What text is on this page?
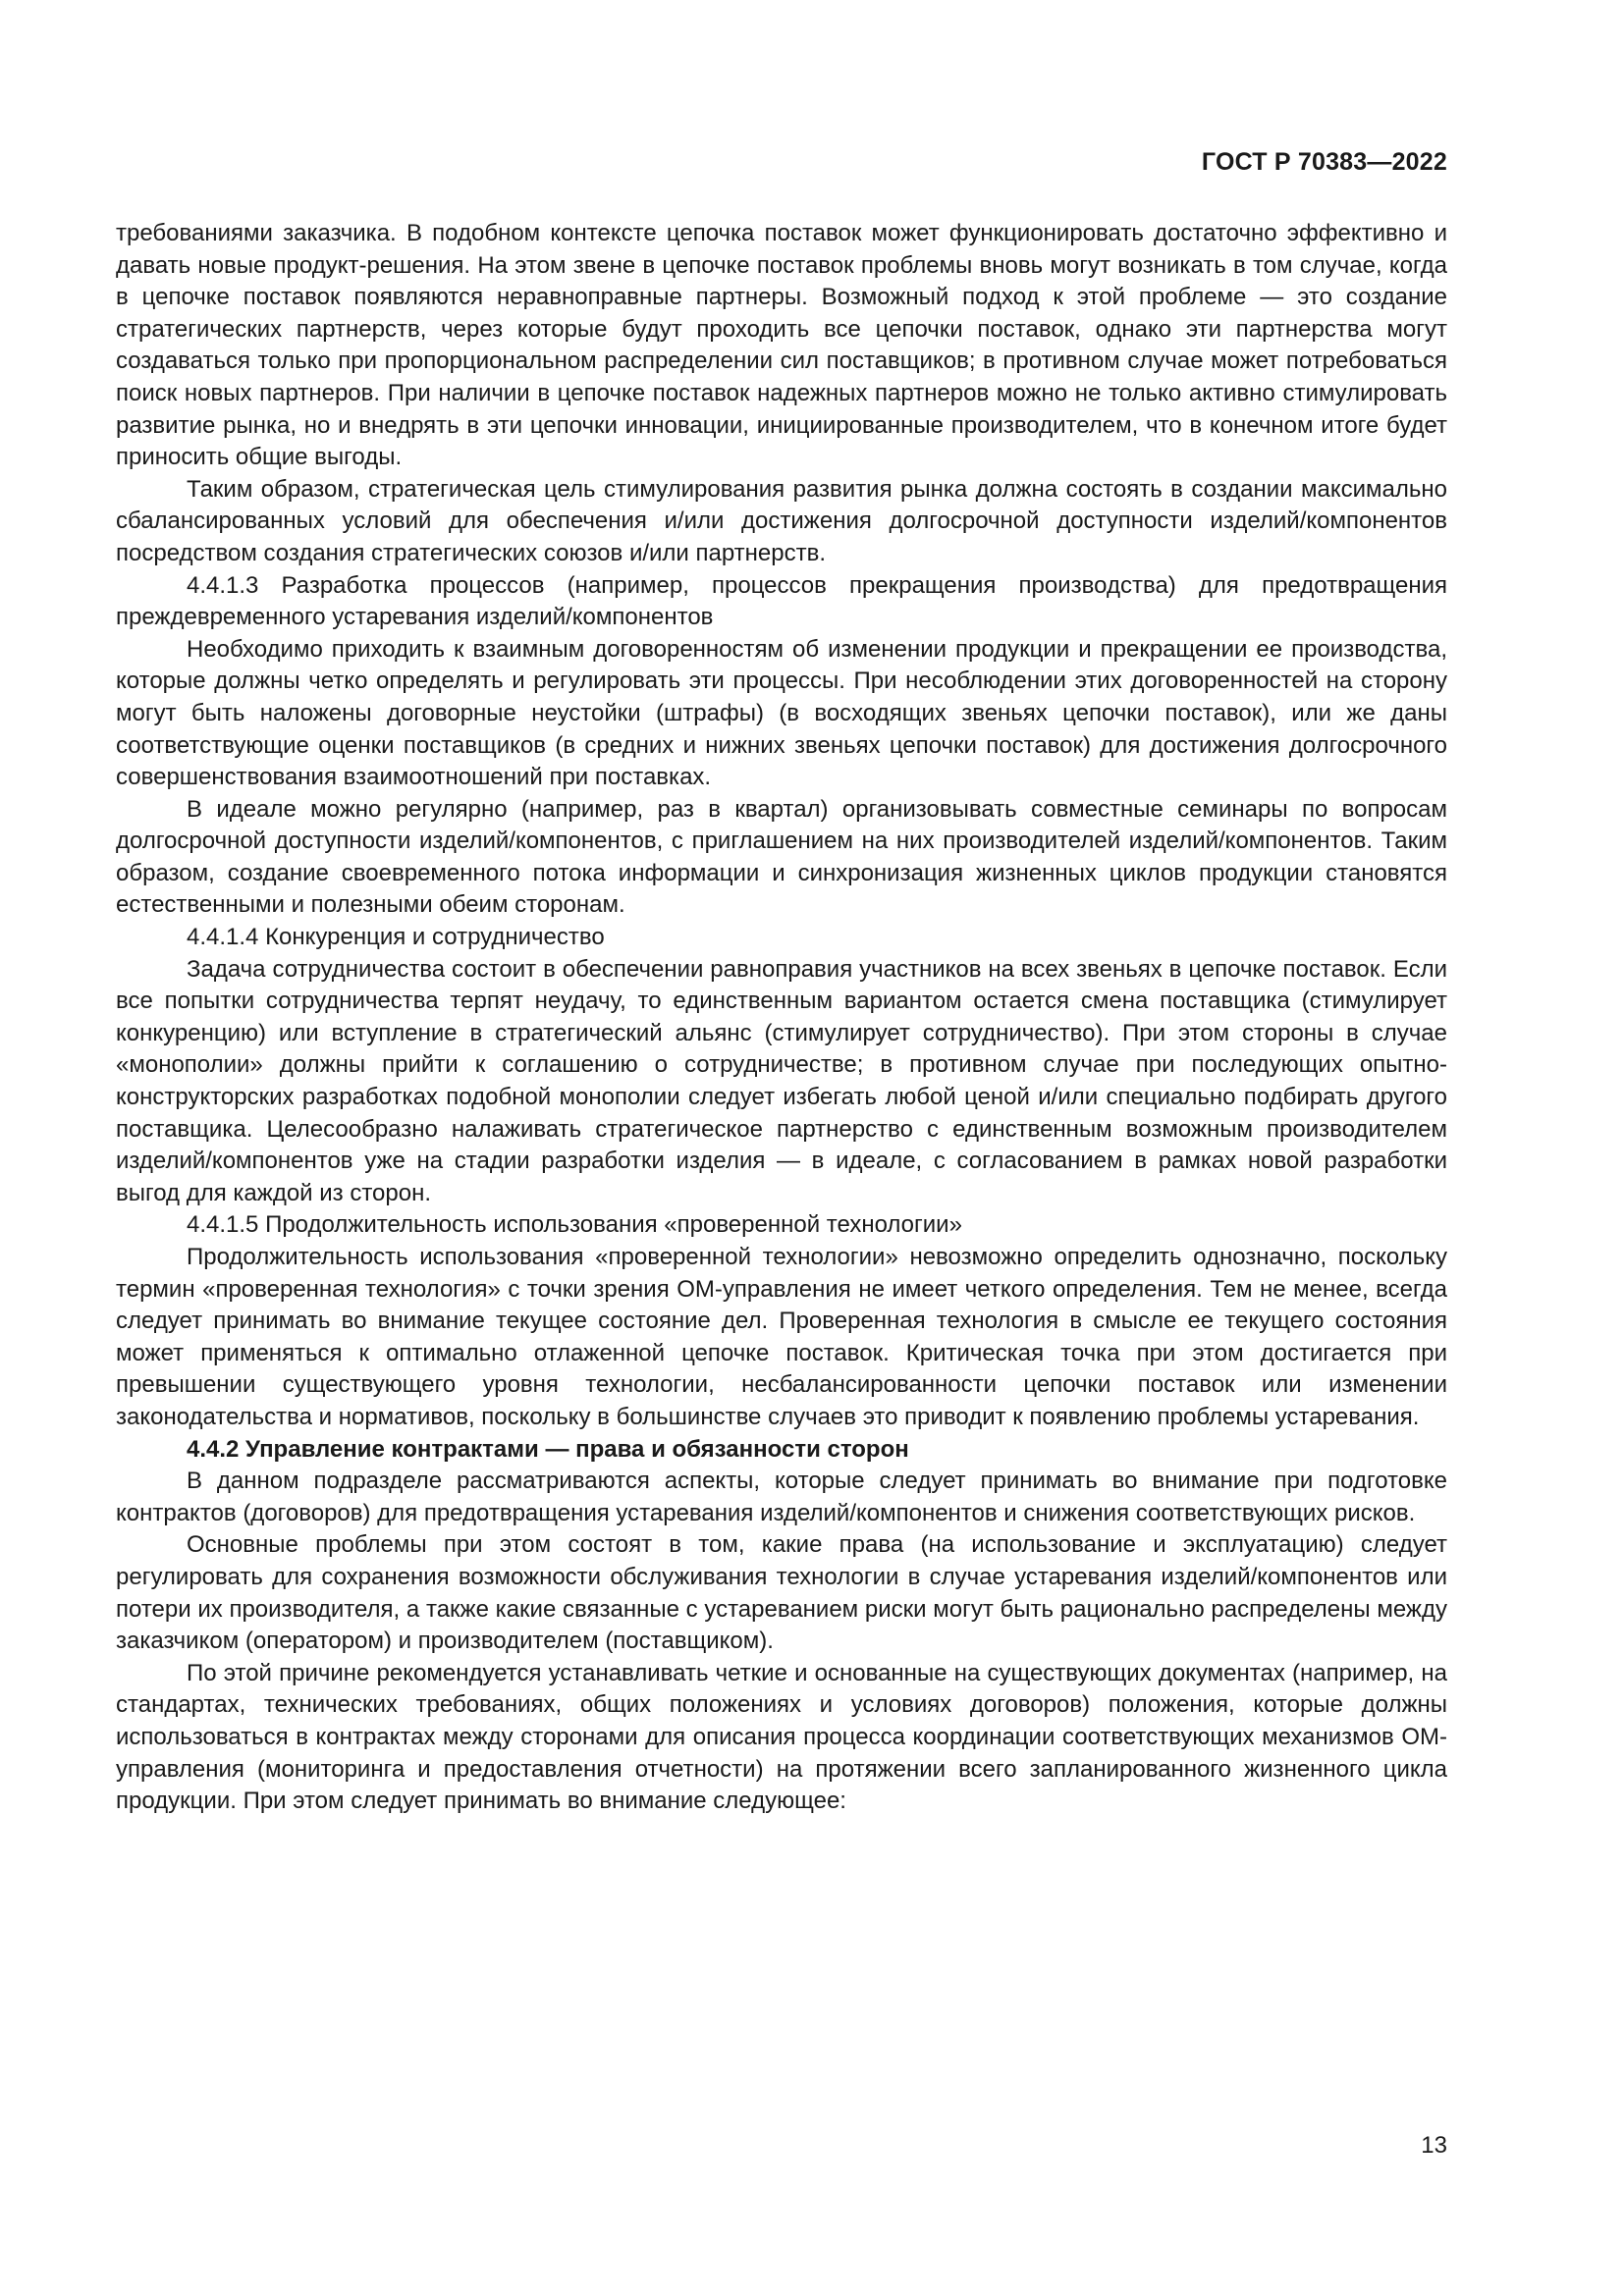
ГОСТ Р 70383—2022

требованиями заказчика. В подобном контексте цепочка поставок может функционировать достаточно эффективно и давать новые продукт-решения. На этом звене в цепочке поставок проблемы вновь могут возникать в том случае, когда в цепочке поставок появляются неравноправные партнеры. Возможный подход к этой проблеме — это создание стратегических партнерств, через которые будут проходить все цепочки поставок, однако эти партнерства могут создаваться только при пропорциональном распределении сил поставщиков; в противном случае может потребоваться поиск новых партнеров. При наличии в цепочке поставок надежных партнеров можно не только активно стимулировать развитие рынка, но и внедрять в эти цепочки инновации, инициированные производителем, что в конечном итоге будет приносить общие выгоды.

Таким образом, стратегическая цель стимулирования развития рынка должна состоять в создании максимально сбалансированных условий для обеспечения и/или достижения долгосрочной доступности изделий/компонентов посредством создания стратегических союзов и/или партнерств.

4.4.1.3 Разработка процессов (например, процессов прекращения производства) для предотвращения преждевременного устаревания изделий/компонентов

Необходимо приходить к взаимным договоренностям об изменении продукции и прекращении ее производства, которые должны четко определять и регулировать эти процессы. При несоблюдении этих договоренностей на сторону могут быть наложены договорные неустойки (штрафы) (в восходящих звеньях цепочки поставок), или же даны соответствующие оценки поставщиков (в средних и нижних звеньях цепочки поставок) для достижения долгосрочного совершенствования взаимоотношений при поставках.

В идеале можно регулярно (например, раз в квартал) организовывать совместные семинары по вопросам долгосрочной доступности изделий/компонентов, с приглашением на них производителей изделий/компонентов. Таким образом, создание своевременного потока информации и синхронизация жизненных циклов продукции становятся естественными и полезными обеим сторонам.

4.4.1.4 Конкуренция и сотрудничество

Задача сотрудничества состоит в обеспечении равноправия участников на всех звеньях в цепочке поставок. Если все попытки сотрудничества терпят неудачу, то единственным вариантом остается смена поставщика (стимулирует конкуренцию) или вступление в стратегический альянс (стимулирует сотрудничество). При этом стороны в случае «монополии» должны прийти к соглашению о сотрудничестве; в противном случае при последующих опытно-конструкторских разработках подобной монополии следует избегать любой ценой и/или специально подбирать другого поставщика. Целесообразно налаживать стратегическое партнерство с единственным возможным производителем изделий/компонентов уже на стадии разработки изделия — в идеале, с согласованием в рамках новой разработки выгод для каждой из сторон.

4.4.1.5 Продолжительность использования «проверенной технологии»

Продолжительность использования «проверенной технологии» невозможно определить однозначно, поскольку термин «проверенная технология» с точки зрения ОМ-управления не имеет четкого определения. Тем не менее, всегда следует принимать во внимание текущее состояние дел. Проверенная технология в смысле ее текущего состояния может применяться к оптимально отлаженной цепочке поставок. Критическая точка при этом достигается при превышении существующего уровня технологии, несбалансированности цепочки поставок или изменении законодательства и нормативов, поскольку в большинстве случаев это приводит к появлению проблемы устаревания.

4.4.2 Управление контрактами — права и обязанности сторон

В данном подразделе рассматриваются аспекты, которые следует принимать во внимание при подготовке контрактов (договоров) для предотвращения устаревания изделий/компонентов и снижения соответствующих рисков.

Основные проблемы при этом состоят в том, какие права (на использование и эксплуатацию) следует регулировать для сохранения возможности обслуживания технологии в случае устаревания изделий/компонентов или потери их производителя, а также какие связанные с устареванием риски могут быть рационально распределены между заказчиком (оператором) и производителем (поставщиком).

По этой причине рекомендуется устанавливать четкие и основанные на существующих документах (например, на стандартах, технических требованиях, общих положениях и условиях договоров) положения, которые должны использоваться в контрактах между сторонами для описания процесса координации соответствующих механизмов ОМ-управления (мониторинга и предоставления отчетности) на протяжении всего запланированного жизненного цикла продукции. При этом следует принимать во внимание следующее:

13
